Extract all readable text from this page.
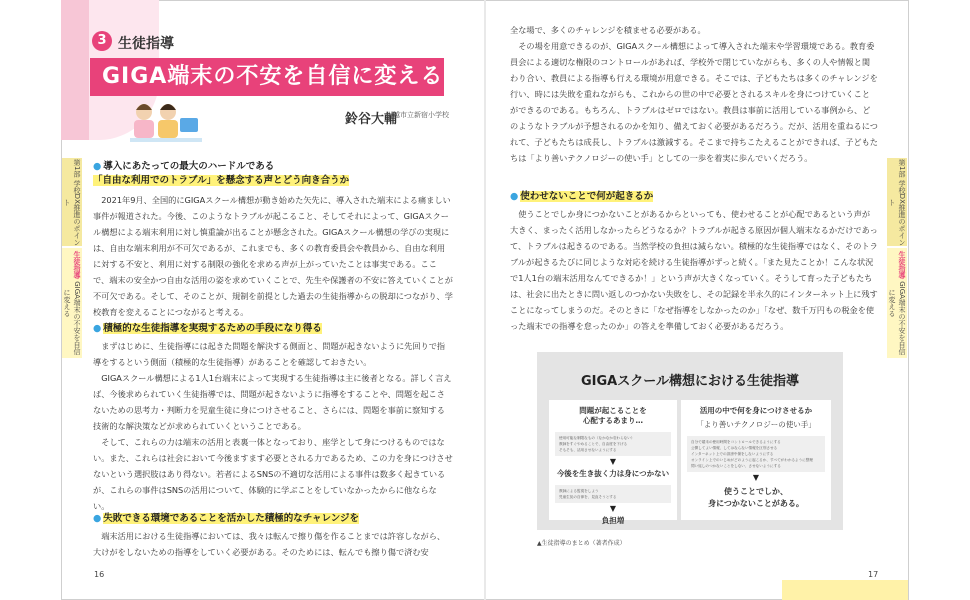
3 生徒指導
GIGA端末の不安を自信に変える
鈴谷大輔
川越市立新宿小学校
第1部 学校DX推進のポイント
生徒指導 GIGA端末の不安を自信に変える
第1部 学校DX推進のポイント
生徒指導 GIGA端末の不安を自信に変える
● 導入にあたっての最大のハードルである
「自由な利用でのトラブル」を懸念する声とどう向き合うか

2021年9月、全国的にGIGAスクール構想が動き始めた矢先に、導入された端末による痛ましい事件が報道された。今後、このようなトラブルが起こること、そしてそれによって、GIGAスクール構想による端末利用に対し慎重論が出ることが懸念された。GIGAスクール構想の学びの実現には、自由な端末利用が不可欠であるが、これまでも、多くの教育委員会や教員から、自由な利用に対する不安と、利用に対する制限の強化を求める声が上がっていたことは事実である。ここで、端末の安全かつ自由な活用の姿を求めていくことで、先生や保護者の不安に答えていくことが不可欠である。そして、そのことが、規制を前提とした過去の生徒指導からの脱却につながり、学校教育を変えることにつながると考える。

● 積極的な生徒指導を実現するための手段になり得る

まずはじめに、生徒指導には起きた問題を解決する側面と、問題が起きないように先回りで指導をするという側面（積極的な生徒指導）があることを確認しておきたい。

GIGAスクール構想による1人1台端末によって実現する生徒指導は主に後者となる。詳しく言えば、今後求められていく生徒指導では、問題が起きないように指導をすることや、問題を起こさないための思考力・判断力を児童生徒に身につけさせること、さらには、問題を事前に察知する技術的な解決策などが求められていくということである。

そして、これらの力は端末の活用と表裏一体となっており、座学として身につけるものではない。また、これらは社会において今後ますます必要とされる力であるため、この力を身につけさせないという選択肢はあり得ない。若者によるSNSの不適切な活用による事件は数多く起きているが、これらの事件はSNSの活用について、体験的に学ぶことをしていなかったからに他ならない。

● 失敗できる環境であることを活かした積極的なチャレンジを

端末活用における生徒指導においては、我々は転んで擦り傷を作ることまでは許容しながら、大けがをしないための指導をしていく必要がある。そのためには、転んでも擦り傷で済む安

全な場で、多くのチャレンジを積ませる必要がある。

その場を用意できるのが、GIGAスクール構想によって導入された端末や学習環境である。教育委員会による適切な権限のコントロールがあれば、学校外で閉じていながらも、多くの人や情報と関わり合い、教員による指導も行える環境が用意できる。そこでは、子どもたちは多くのチャレンジを行い、時には失敗を重ねながらも、これからの世の中で必要とされるスキルを身につけていくことができるのである。もちろん、トラブルはゼロではない。教員は事前に活用している事例から、どのようなトラブルが予想されるのかを知り、備えておく必要があるだろう。だが、活用を重ねるにつれて、子どもたちは成長し、トラブルは激減する。そこまで持ちこたえることができれば、子どもたちは「より善いテクノロジーの使い手」としての一歩を着実に歩んでいくだろう。

● 使わせないことで何が起きるか

使うことでしか身につかないことがあるからといっても、使わせることが心配であるという声が大きく、まったく活用しなかったらどうなるか？トラブルが起きる原因が個人端末なるかだけであって、トラブルは起きるのである。当然学校の負担は減らない。積極的な生徒指導ではなく、そのトラブルが起きるたびに同じような対応を続ける生徒指導がずっと続く。「また見たことか！こんな状況で1人1台の端末活用なんてできるか！」という声が大きくなっていく。そうして育った子どもたちは、社会に出たときに問い返しのつかない失敗をし、その記録を半永久的にインターネット上に残すことになってしまうのだ。そのときに「なぜ指導をしなかったのか」「なぜ、数千万円もの税金を使った端末での指導を怠ったのか」の答えを準備しておく必要があるだろう。

GIGAスクール構想における生徒指導
問題が起こることを
心配するあまり…
使用可能な制限なもの（なかなか変わらない）
教師をすぐやめることで、自由度を下げる
そもそも、活用させないようにする
▼
今後を生き抜く力は身につかない
教師による監視をしよう
児童生徒の自律を、見直そうとする
▼
負担増
活用の中で何を身につけさせるか
「より善いテクノロジーの使い手」
自分で端末の使用時間をコントロールできるようにする
公開してよい情報、してはならない情報を区別させる
インターネット上での誹謗中傷をしないようにする
オンライン上でのいじめがどのように起こるか、すべてがわかるように整理
問い返しのつかないことをしない、させないようにする
▼
使うことでしか、
身につかないことがある。
▲生徒指導のまとめ（著者作成）
16	17
